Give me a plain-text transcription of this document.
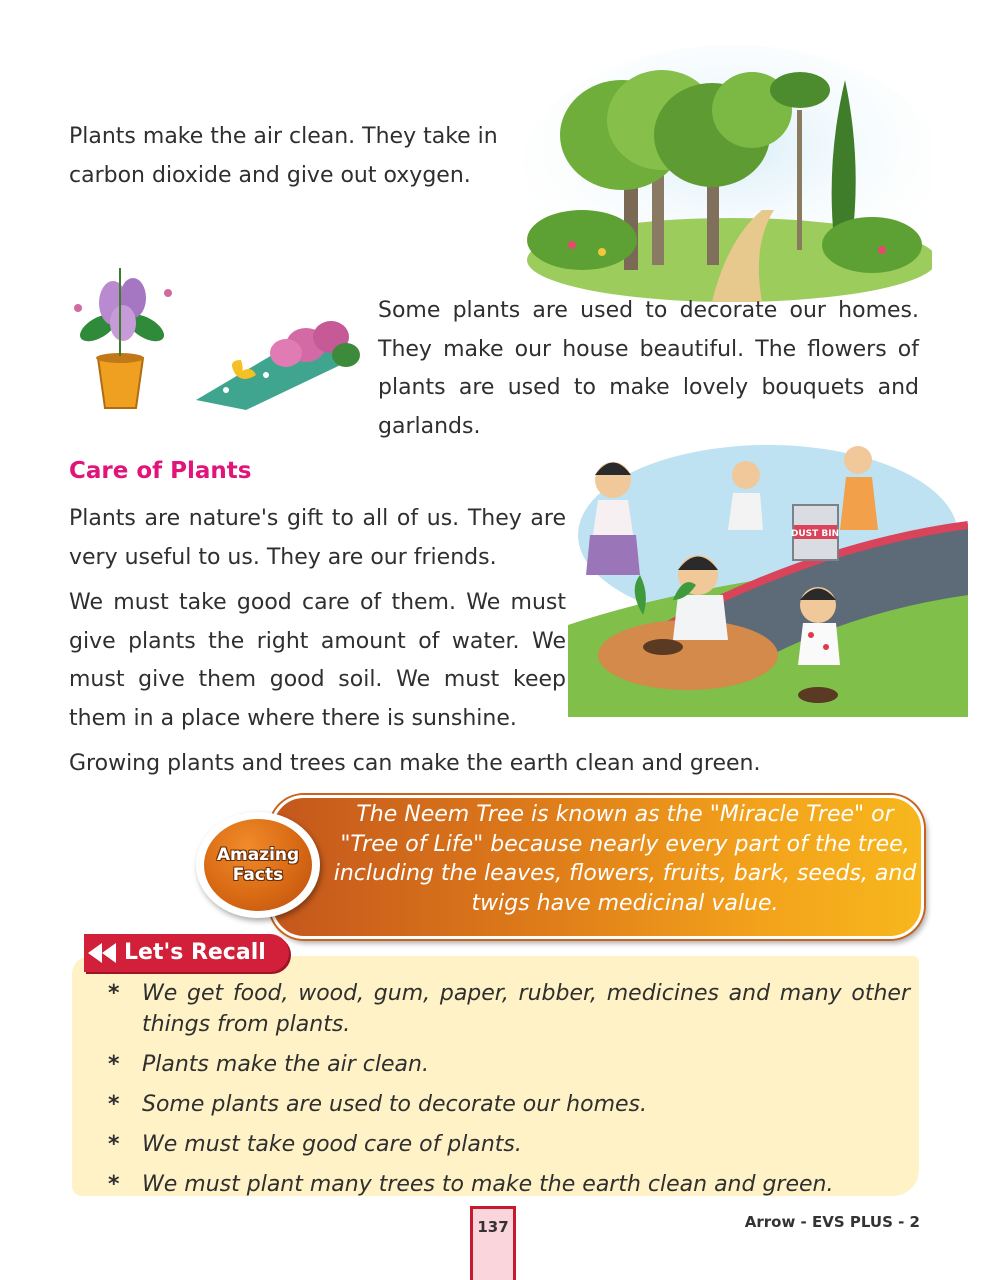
Plants make the air clean. They take in carbon dioxide and give out oxygen.

Some plants are used to decorate our homes. They make our house beautiful. The flowers of plants are used to make lovely bouquets and garlands.

Care of Plants

Plants are nature's gift to all of us. They are very useful to us. They are our friends.

We must take good care of them. We must give plants the right amount of water. We must give them good soil. We must keep them in a place where there is sunshine.

DUST BIN

Growing plants and trees can make the earth clean and green.

Amazing
Facts

The Neem Tree is known as the "Miracle Tree" or "Tree of Life" because nearly every part of the tree, including the leaves, flowers, fruits, bark, seeds, and twigs have medicinal value.

Let's Recall

* We get food, wood, gum, paper, rubber, medicines and many other things from plants.
* Plants make the air clean.
* Some plants are used to decorate our homes.
* We must take good care of plants.
* We must plant many trees to make the earth clean and green.

137	Arrow - EVS PLUS - 2
